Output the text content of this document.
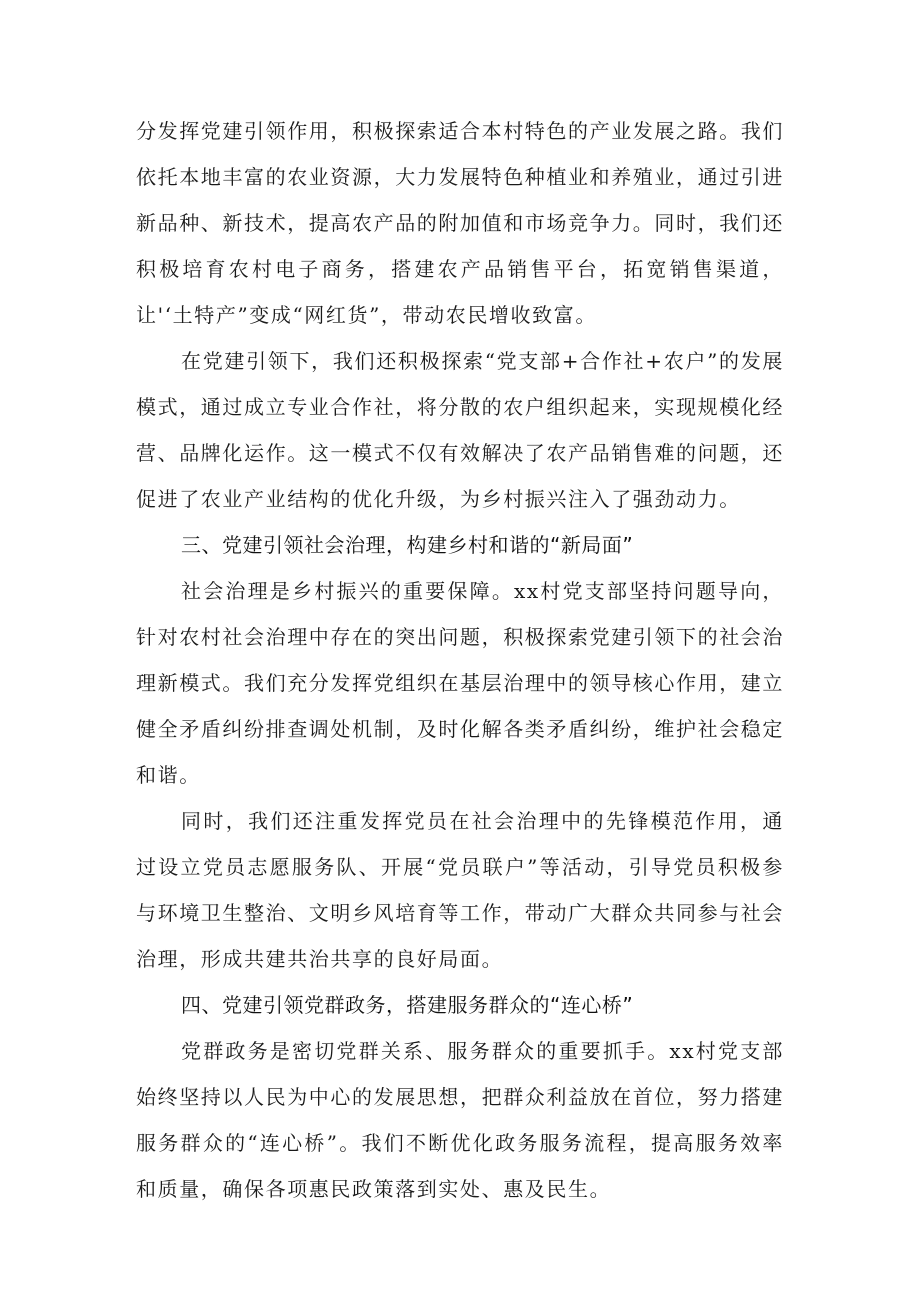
分发挥党建引领作用，积极探索适合本村特色的产业发展之路。我们依托本地丰富的农业资源，大力发展特色种植业和养殖业，通过引进新品种、新技术，提高农产品的附加值和市场竞争力。同时，我们还积极培育农村电子商务，搭建农产品销售平台，拓宽销售渠道，让'‘土特产”变成“网红货”，带动农民增收致富。

在党建引领下，我们还积极探索“党支部+合作社+农户”的发展模式，通过成立专业合作社，将分散的农户组织起来，实现规模化经营、品牌化运作。这一模式不仅有效解决了农产品销售难的问题，还促进了农业产业结构的优化升级，为乡村振兴注入了强劲动力。

三、党建引领社会治理，构建乡村和谐的“新局面”

社会治理是乡村振兴的重要保障。xx村党支部坚持问题导向，针对农村社会治理中存在的突出问题，积极探索党建引领下的社会治理新模式。我们充分发挥党组织在基层治理中的领导核心作用，建立健全矛盾纠纷排查调处机制，及时化解各类矛盾纠纷，维护社会稳定和谐。

同时，我们还注重发挥党员在社会治理中的先锋模范作用，通过设立党员志愿服务队、开展“党员联户”等活动，引导党员积极参与环境卫生整治、文明乡风培育等工作，带动广大群众共同参与社会治理，形成共建共治共享的良好局面。

四、党建引领党群政务，搭建服务群众的“连心桥”

党群政务是密切党群关系、服务群众的重要抓手。xx村党支部始终坚持以人民为中心的发展思想，把群众利益放在首位，努力搭建服务群众的“连心桥”。我们不断优化政务服务流程，提高服务效率和质量，确保各项惠民政策落到实处、惠及民生。
